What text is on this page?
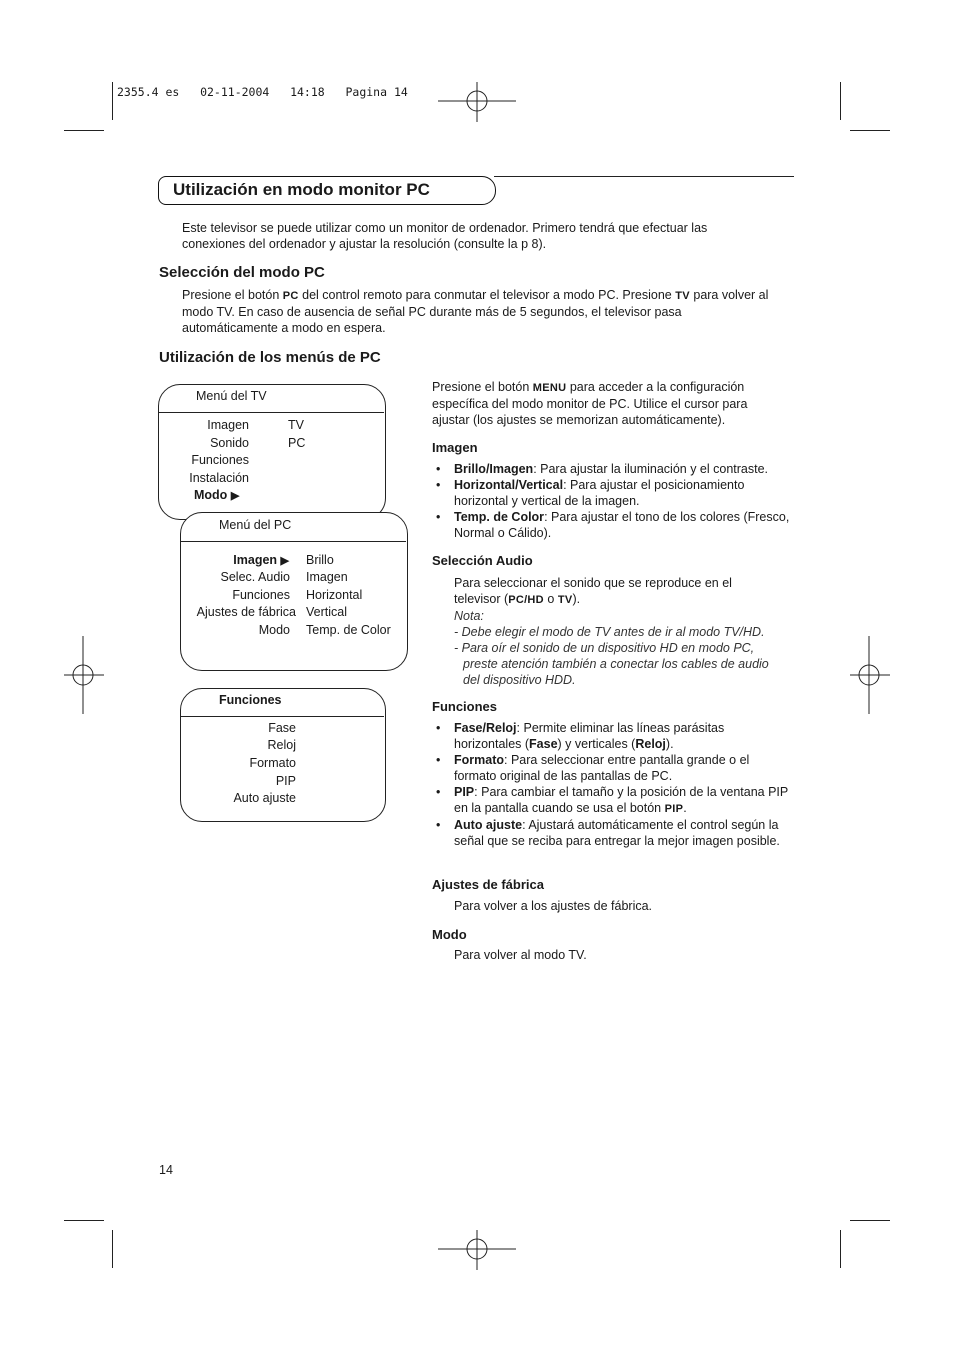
2355.4 es   02-11-2004   14:18   Pagina 14
Utilización en modo monitor PC

Este televisor se puede utilizar como un monitor de ordenador. Primero tendrá que efectuar las conexiones del ordenador y ajustar la resolución (consulte la p 8).

Selección del modo PC

Presione el botón PC del control remoto para conmutar el televisor a modo PC. Presione TV para volver al modo TV. En caso de ausencia de señal PC durante más de 5 segundos, el televisor pasa automáticamente a modo en espera.

Utilización de los menús de PC
Menú del TV
Imagen
Sonido
Funciones
Instalación
Modo ▶
TV
PC
Menú del PC
Imagen ▶
Selec. Audio
Funciones
Ajustes de fábrica
Modo
Brillo
Imagen
Horizontal
Vertical
Temp. de Color
Funciones
Fase
Reloj
Formato
PIP
Auto ajuste

Presione el botón MENU para acceder a la configuración específica del modo monitor de PC. Utilice el cursor para ajustar (los ajustes se memorizan automáticamente).

Imagen
• Brillo/Imagen: Para ajustar la iluminación y el contraste.
• Horizontal/Vertical: Para ajustar el posicionamiento horizontal y vertical de la imagen.
• Temp. de Color: Para ajustar el tono de los colores (Fresco, Normal o Cálido).
Selección Audio

Para seleccionar el sonido que se reproduce en el televisor (PC/HD o TV).

Nota:

- Debe elegir el modo de TV antes de ir al modo TV/HD.

- Para oír el sonido de un dispositivo HD en modo PC, preste atención también a conectar los cables de audio del dispositivo HDD.

Funciones
• Fase/Reloj: Permite eliminar las líneas parásitas horizontales (Fase) y verticales (Reloj).
• Formato: Para seleccionar entre pantalla grande o el formato original de las pantallas de PC.
• PIP: Para cambiar el tamaño y la posición de la ventana PIP en la pantalla cuando se usa el botón PIP.
• Auto ajuste: Ajustará automáticamente el control según la señal que se reciba para entregar la mejor imagen posible.
Ajustes de fábrica
Para volver a los ajustes de fábrica.
Modo
Para volver al modo TV.
14
